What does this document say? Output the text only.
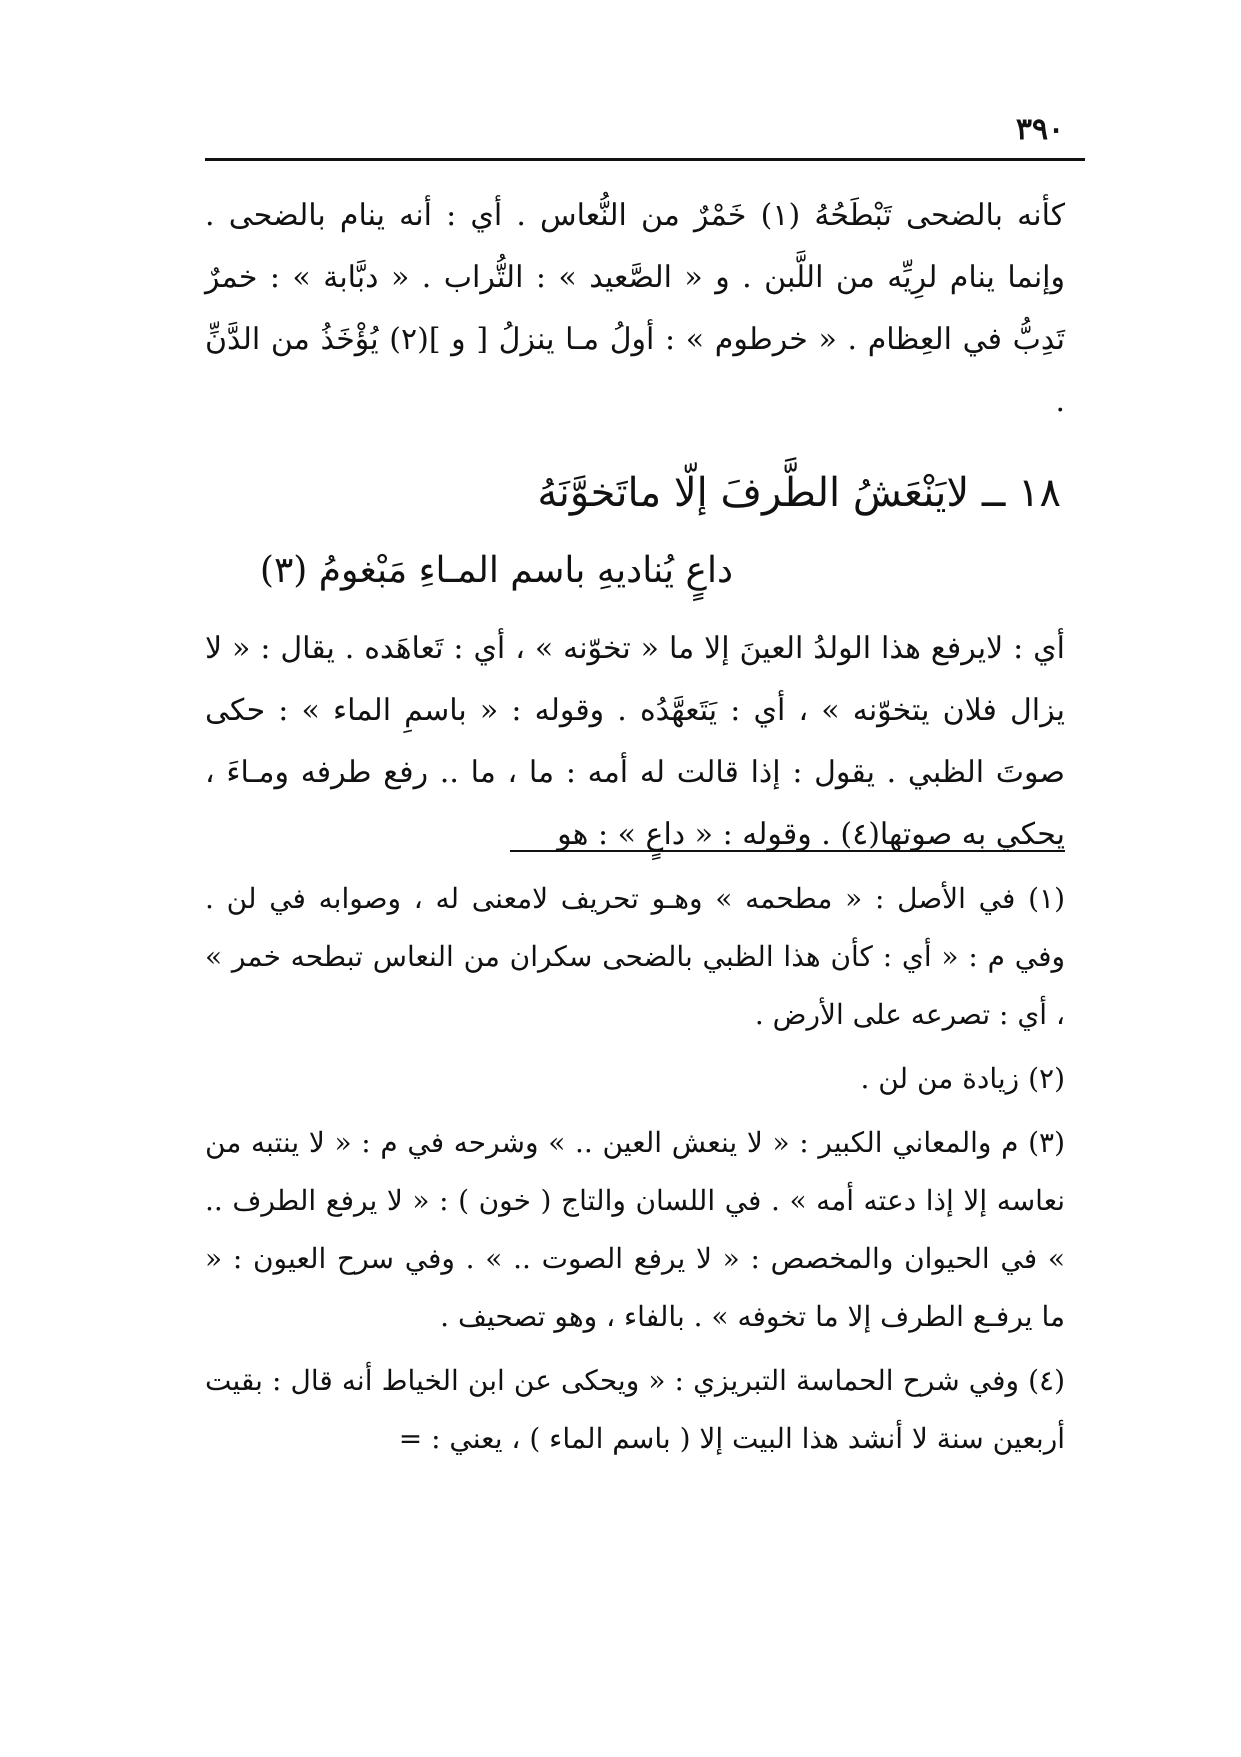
٣٩٠

كأنه بالضحى تَبْطَحُهُ (١) خَمْرٌ من النُّعاس . أي : أنه ينام بالضحى . وإنما ينام لرِيِّه من اللَّبن . و « الصَّعيد » : التُّراب . « دبَّابة » : خمرٌ تَدِبُّ في العِظام . « خرطوم » : أولُ مـا ينزلُ [ و ](٢) يُؤْخَذُ من الدَّنِّ .

١٨ ــ لايَنْعَشُ الطَّرفَ إلّا ماتَخوَّنَهُ
داعٍ يُناديهِ باسم المـاءِ مَبْغومُ (٣)

أي : لايرفع هذا الولدُ العينَ إلا ما « تخوّنه » ، أي : تَعاهَده . يقال : « لا يزال فلان يتخوّنه » ، أي : يَتَعهَّدُه . وقوله : « باسمِ الماء » : حكى صوتَ الظبي . يقول : إذا قالت له أمه : ما ، ما .. رفع طرفه ومـاءَ ، يحكي به صوتها(٤) . وقوله : « داعٍ » : هو

(١) في الأصل : « مطحمه » وهـو تحريف لامعنى له ، وصوابه في لن . وفي م : « أي : كأن هذا الظبي بالضحى سكران من النعاس تبطحه خمر » ، أي : تصرعه على الأرض .

(٢) زيادة من لن .

(٣) م والمعاني الكبير : « لا ينعش العين .. » وشرحه في م : « لا ينتبه من نعاسه إلا إذا دعته أمه » . في اللسان والتاج ( خون ) : « لا يرفع الطرف .. » في الحيوان والمخصص : « لا يرفع الصوت .. » . وفي سرح العيون : « ما يرفـع الطرف إلا ما تخوفه » . بالفاء ، وهو تصحيف .

(٤) وفي شرح الحماسة التبريزي : « ويحكى عن ابن الخياط أنه قال : بقيت أربعين سنة لا أنشد هذا البيت إلا ( باسم الماء ) ، يعني : =
